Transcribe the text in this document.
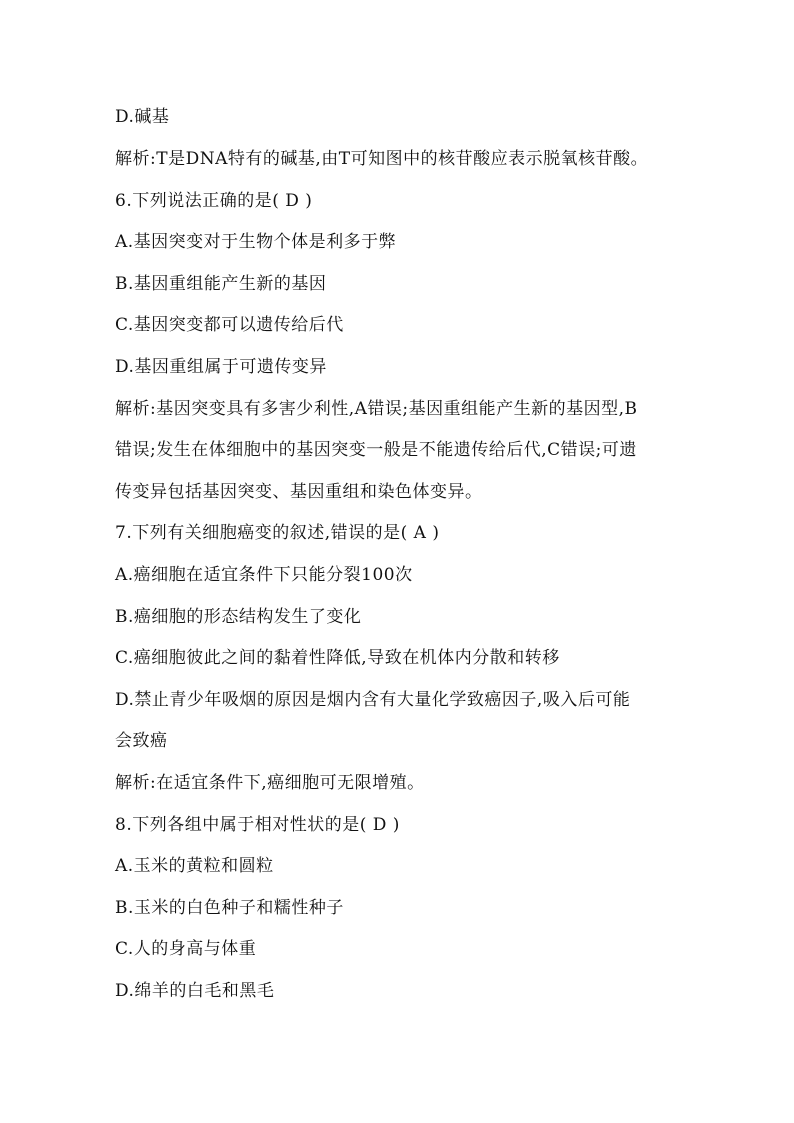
D.碱基
解析:T是DNA特有的碱基,由T可知图中的核苷酸应表示脱氧核苷酸。
6.下列说法正确的是( D )
A.基因突变对于生物个体是利多于弊
B.基因重组能产生新的基因
C.基因突变都可以遗传给后代
D.基因重组属于可遗传变异
解析:基因突变具有多害少利性,A错误;基因重组能产生新的基因型,B
错误;发生在体细胞中的基因突变一般是不能遗传给后代,C错误;可遗
传变异包括基因突变、基因重组和染色体变异。
7.下列有关细胞癌变的叙述,错误的是( A )
A.癌细胞在适宜条件下只能分裂100次
B.癌细胞的形态结构发生了变化
C.癌细胞彼此之间的黏着性降低,导致在机体内分散和转移
D.禁止青少年吸烟的原因是烟内含有大量化学致癌因子,吸入后可能
会致癌
解析:在适宜条件下,癌细胞可无限增殖。
8.下列各组中属于相对性状的是( D )
A.玉米的黄粒和圆粒
B.玉米的白色种子和糯性种子
C.人的身高与体重
D.绵羊的白毛和黑毛
